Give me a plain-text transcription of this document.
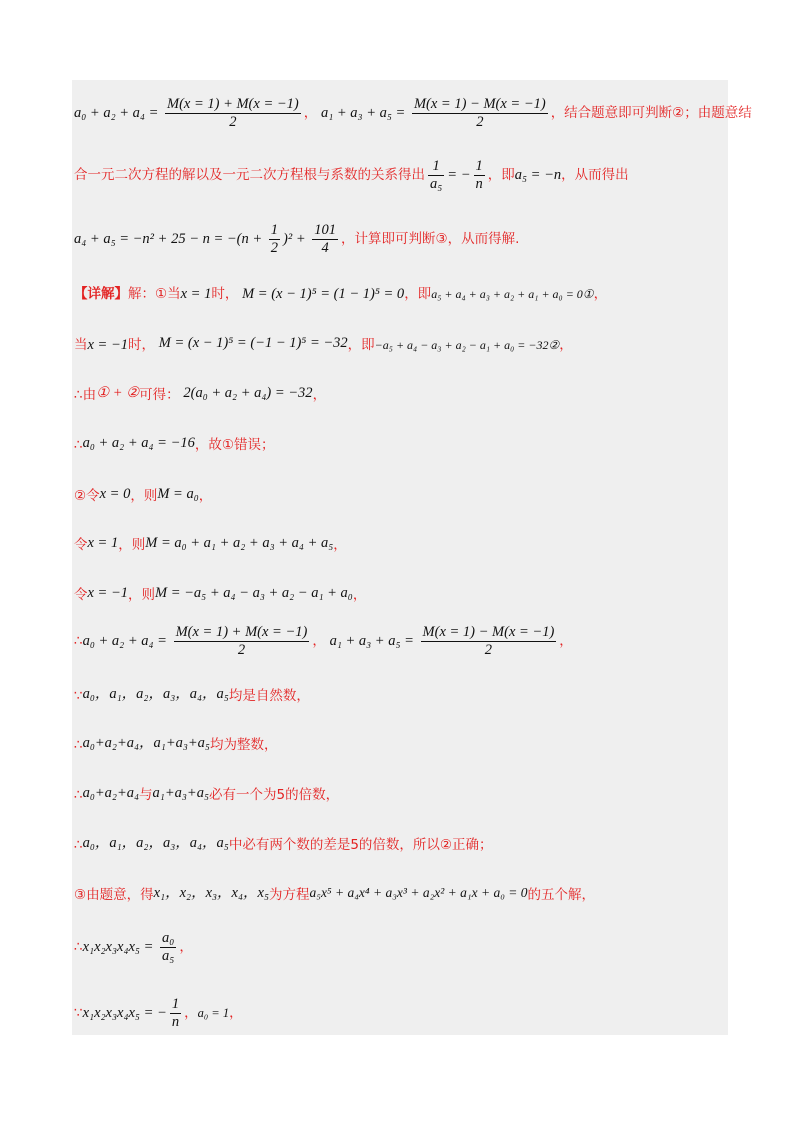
$a_0 + a_2 + a_4 = \frac{M(x = 1) + M(x = -1)}{2}$ ， $a_1 + a_3 + a_5 = \frac{M(x = 1) - M(x = -1)}{2}$ ，结合题意即可判断②；由题意结
合一元二次方程的解以及一元二次方程根与系数的关系得出 $\frac{1}{\text{a₅}}$ = − $\frac{1}{n}$ ，即a₅ = −n，从而得出
$a_4 + a_5 = -n^2 + 25 - n = -(n + \frac{1}{2} )^2 + \frac{101}{4}$ ，计算即可判断③，从而得解.
【详解】解：①当x = 1时， M = (x − 1)⁵ = (1 − 1)⁵ = 0，即a₅ + a₄ + a₃ + a₂ + a₁ + a₀ = 0①，
当x = −1时， M = (x − 1)⁵ = (−1 − 1)⁵ = −32，即−a₅ + a₄ − a₃ + a₂ − a₁ + a₀ = −32②，
∴由① + ②可得： 2(a₀ + a₂ + a₄) = −32，
∴a₀ + a₂ + a₄ = −16，故①错误；
②令x = 0，则M = a₀，
令x = 1，则M = a₀ + a₁ + a₂ + a₃ + a₄ + a₅，
令x = −1，则M = −a₅ + a₄ − a₃ + a₂ − a₁ + a₀，
∴a₀ + $a_2 + a_4 = \frac{M(x = 1) + M(x = -1)}{2}$ ， $a_1 + a_3 + a_5 = \frac{M(x = 1) - M(x = -1)}{2}$ ，
∵a₀，a₁，a₂，a₃，a₄，a₅均是自然数，
∴a₀+a₂+a₄，a₁+a₃+a₅均为整数，
∴a₀+a₂+a₄与a₁+a₃+a₅必有一个为5的倍数，
∴a₀，a₁，a₂，a₃，a₄，a₅中必有两个数的差是5的倍数，所以②正确；
③由题意，得x₁，x₂，x₃，x₄，x₅为方程a₅x⁵ + a₄x⁴ + a₃x³ + a₂x² + a₁x + a₀ = 0的五个解，
∴x₁x₂x₃x₄x₅ = $\frac{\text{a₀}}{\text{a₅}}$ ，
∵x₁x₂x₃x₄x₅ = − $\frac{1}{n}$ ，a₀ = 1，
